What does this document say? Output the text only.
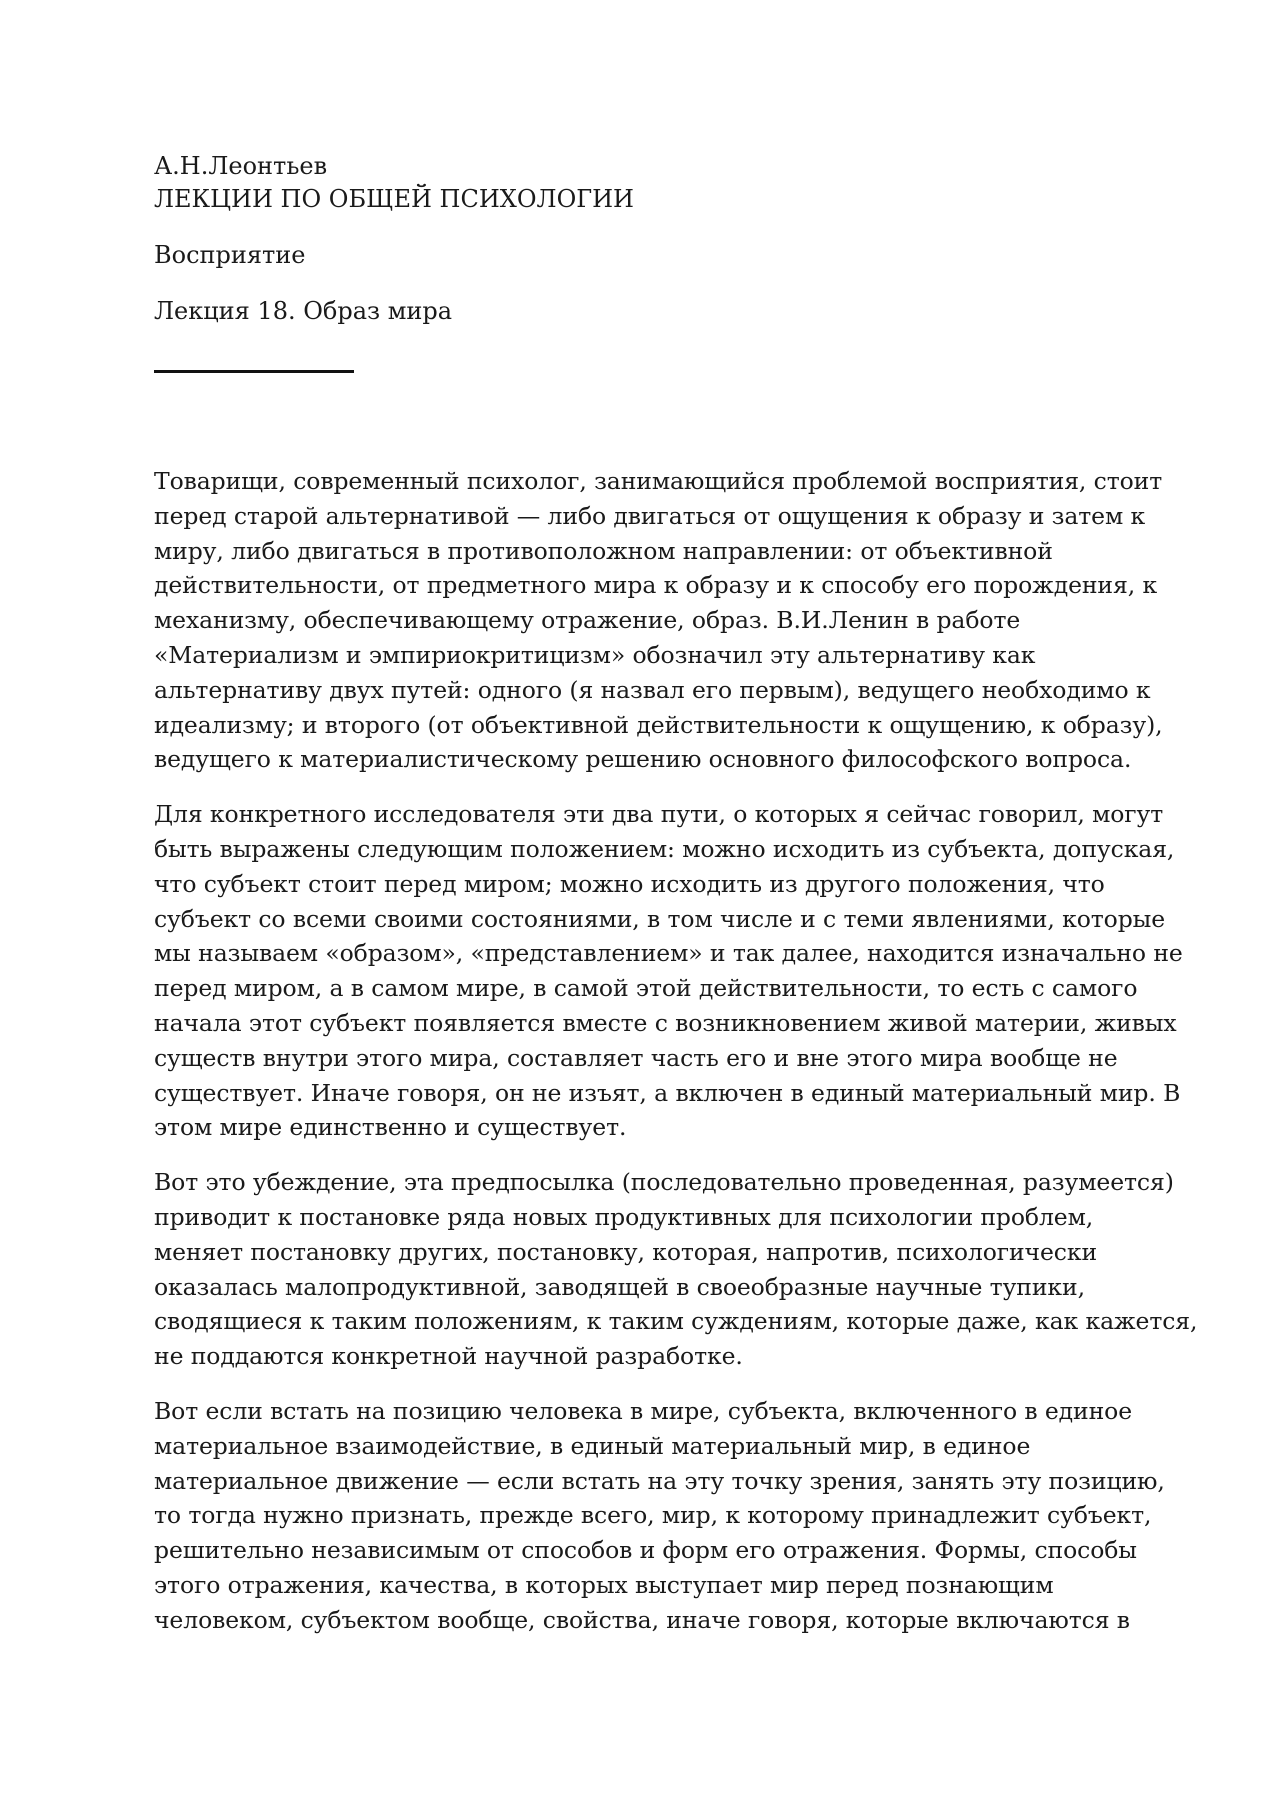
А.Н.Леонтьев

ЛЕКЦИИ ПО ОБЩЕЙ ПСИХОЛОГИИ

Восприятие

Лекция 18. Образ мира

Товарищи, современный психолог, занимающийся проблемой восприятия, стоит
перед старой альтернативой — либо двигаться от ощущения к образу и затем к
миру, либо двигаться в противоположном направлении: от объективной
действительности, от предметного мира к образу и к способу его порождения, к
механизму, обеспечивающему отражение, образ. В.И.Ленин в работе
«Материализм и эмпириокритицизм» обозначил эту альтернативу как
альтернативу двух путей: одного (я назвал его первым), ведущего необходимо к
идеализму; и второго (от объективной действительности к ощущению, к образу),
ведущего к материалистическому решению основного философского вопроса.

Для конкретного исследователя эти два пути, о которых я сейчас говорил, могут
быть выражены следующим положением: можно исходить из субъекта, допуская,
что субъект стоит перед миром; можно исходить из другого положения, что
субъект со всеми своими состояниями, в том числе и с теми явлениями, которые
мы называем «образом», «представлением» и так далее, находится изначально не
перед миром, а в самом мире, в самой этой действительности, то есть с самого
начала этот субъект появляется вместе с возникновением живой материи, живых
существ внутри этого мира, составляет часть его и вне этого мира вообще не
существует. Иначе говоря, он не изъят, а включен в единый материальный мир. В
этом мире единственно и существует.

Вот это убеждение, эта предпосылка (последовательно проведенная, разумеется)
приводит к постановке ряда новых продуктивных для психологии проблем,
меняет постановку других, постановку, которая, напротив, психологически
оказалась малопродуктивной, заводящей в своеобразные научные тупики,
сводящиеся к таким положениям, к таким суждениям, которые даже, как кажется,
не поддаются конкретной научной разработке.

Вот если встать на позицию человека в мире, субъекта, включенного в единое
материальное взаимодействие, в единый материальный мир, в единое
материальное движение — если встать на эту точку зрения, занять эту позицию,
то тогда нужно признать, прежде всего, мир, к которому принадлежит субъект,
решительно независимым от способов и форм его отражения. Формы, способы
этого отражения, качества, в которых выступает мир перед познающим
человеком, субъектом вообще, свойства, иначе говоря, которые включаются в
